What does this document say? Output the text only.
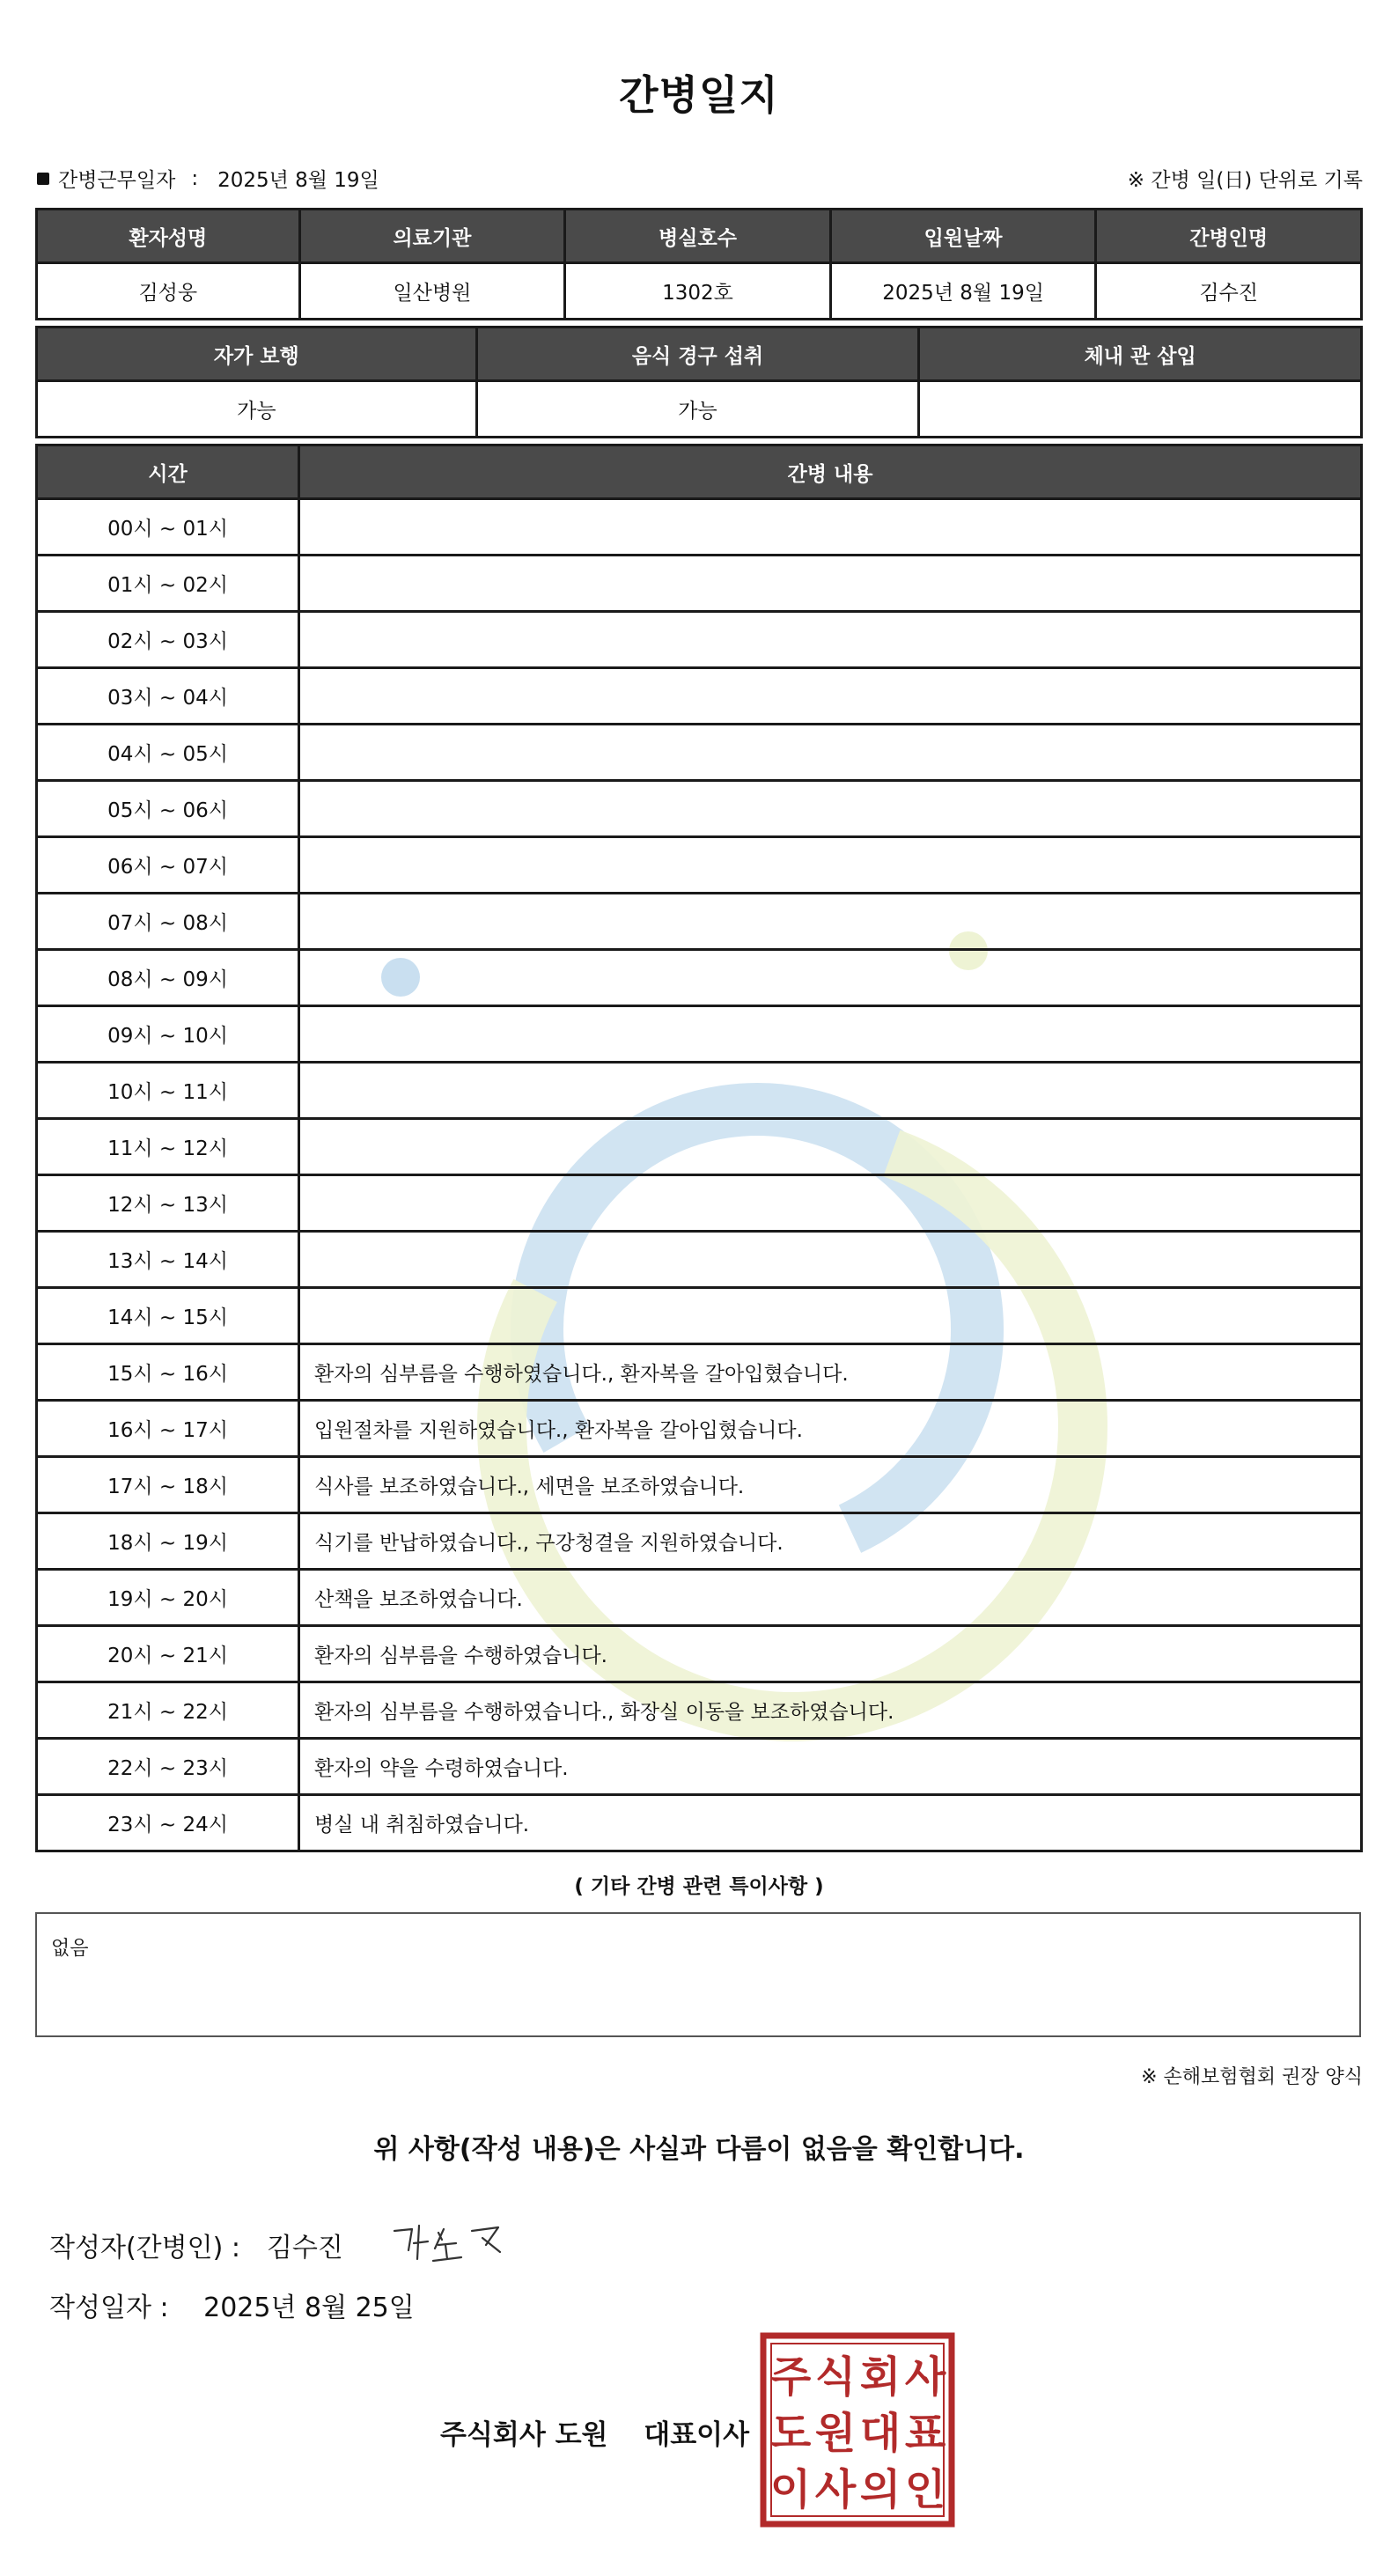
간병일지
간병근무일자 : 2025년 8월 19일	※ 간병 일(日) 단위로 기록
환자성명	의료기관	병실호수	입원날짜	간병인명
김성웅	일산병원	1302호	2025년 8월 19일	김수진
자가 보행	음식 경구 섭취	체내 관 삽입
가능	가능	
시간	간병 내용
00시 ~ 01시	
01시 ~ 02시	
02시 ~ 03시	
03시 ~ 04시	
04시 ~ 05시	
05시 ~ 06시	
06시 ~ 07시	
07시 ~ 08시	
08시 ~ 09시	
09시 ~ 10시	
10시 ~ 11시	
11시 ~ 12시	
12시 ~ 13시	
13시 ~ 14시	
14시 ~ 15시	
15시 ~ 16시	환자의 심부름을 수행하였습니다., 환자복을 갈아입혔습니다.
16시 ~ 17시	입원절차를 지원하였습니다., 환자복을 갈아입혔습니다.
17시 ~ 18시	식사를 보조하였습니다., 세면을 보조하였습니다.
18시 ~ 19시	식기를 반납하였습니다., 구강청결을 지원하였습니다.
19시 ~ 20시	산책을 보조하였습니다.
20시 ~ 21시	환자의 심부름을 수행하였습니다.
21시 ~ 22시	환자의 심부름을 수행하였습니다., 화장실 이동을 보조하였습니다.
22시 ~ 23시	환자의 약을 수령하였습니다.
23시 ~ 24시	병실 내 취침하였습니다.
( 기타 간병 관련 특이사항 )
없음
※ 손해보험협회 권장 양식
위 사항(작성 내용)은 사실과 다름이 없음을 확인합니다.
작성자(간병인) : 김수진
작성일자 : 2025년 8월 25일
주식회사 도원 대표이사
주 식 회 사
도 원 대 표
이 사 의 인
